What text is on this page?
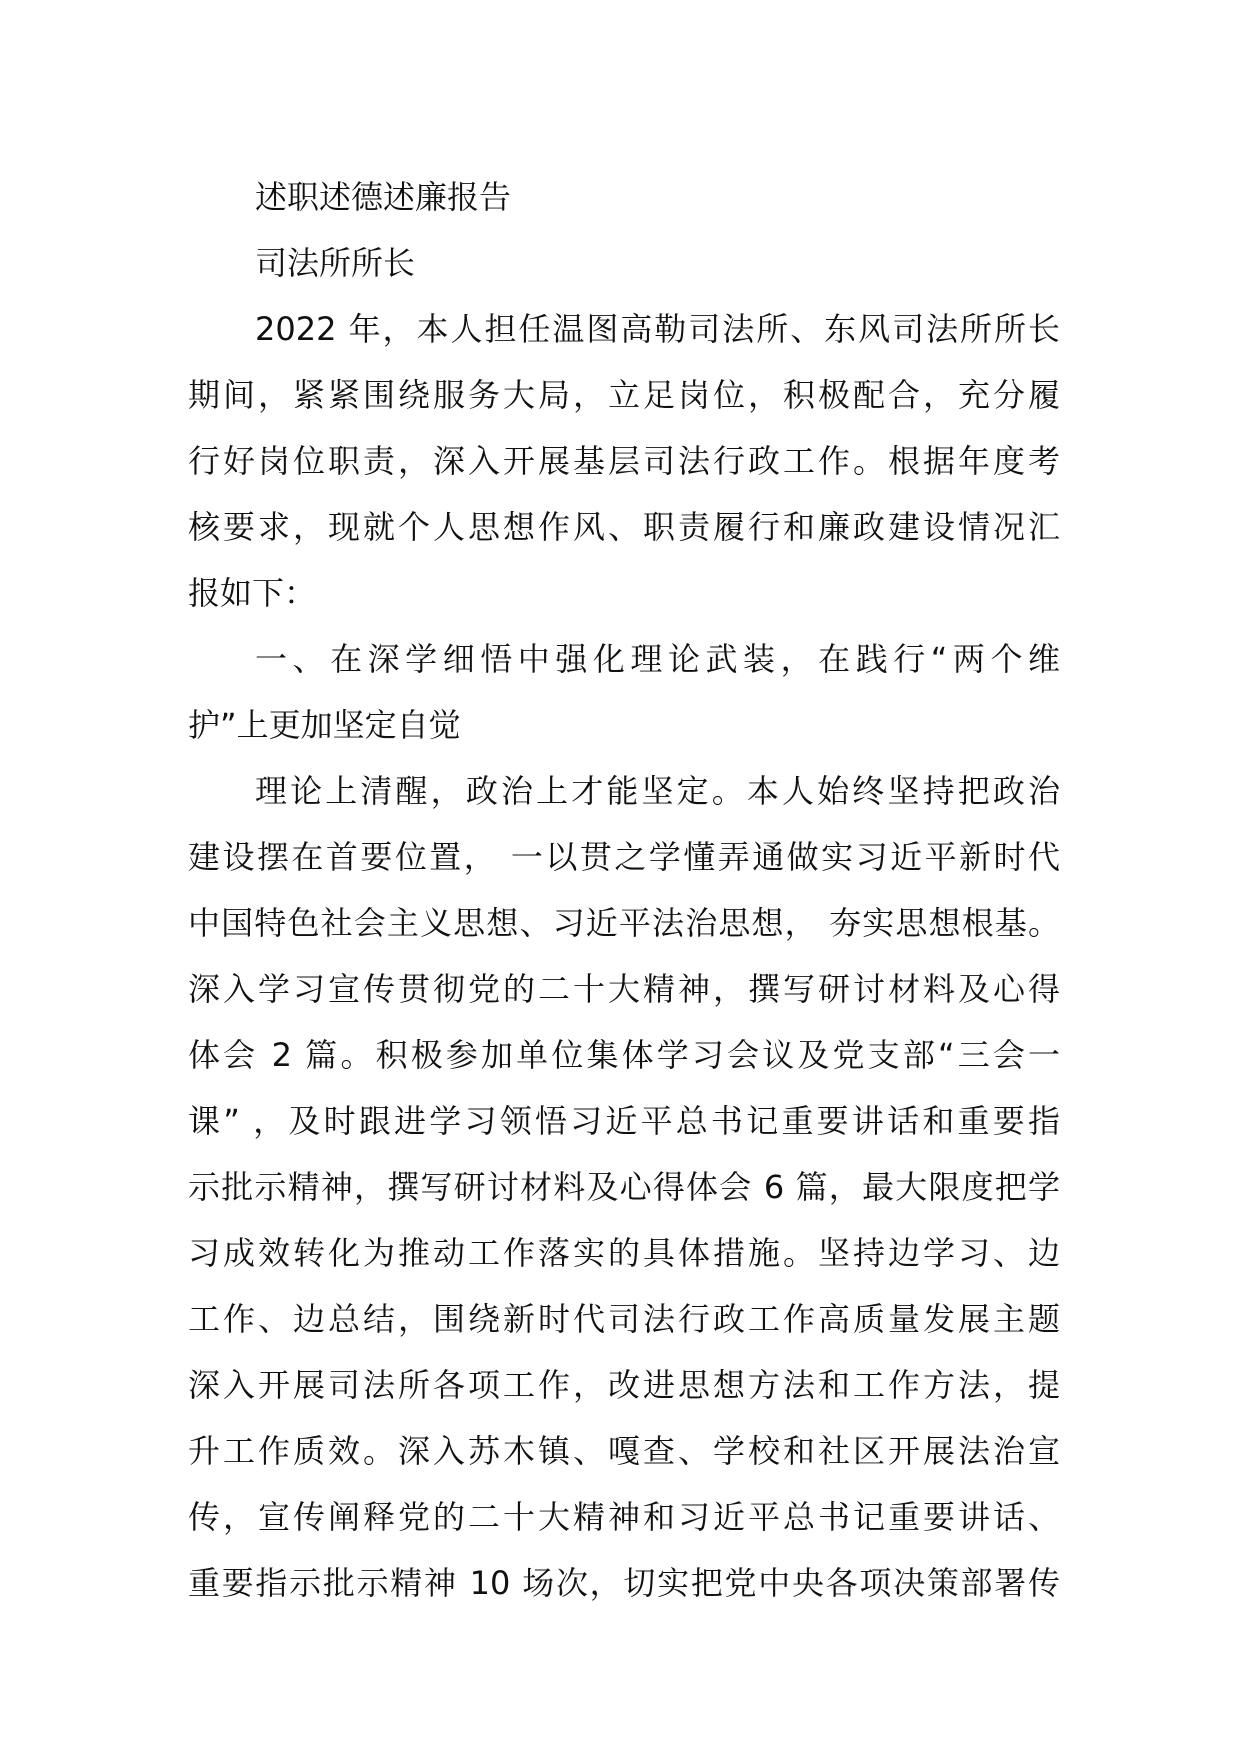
述职述德述廉报告
司法所所长
2022 年，本人担任温图高勒司法所、东风司法所所长
期间，紧紧围绕服务大局，立足岗位，积极配合，充分履
行好岗位职责，深入开展基层司法行政工作。根据年度考
核要求，现就个人思想作风、职责履行和廉政建设情况汇
报如下：
一、在深学细悟中强化理论武装，在践行“两个维
护”上更加坚定自觉
理论上清醒，政治上才能坚定。本人始终坚持把政治
建设摆在首要位置， 一以贯之学懂弄通做实习近平新时代
中国特色社会主义思想、习近平法治思想， 夯实思想根基。
深入学习宣传贯彻党的二十大精神，撰写研讨材料及心得
体会 2 篇。积极参加单位集体学习会议及党支部“三会一
课” ，及时跟进学习领悟习近平总书记重要讲话和重要指
示批示精神，撰写研讨材料及心得体会 6 篇，最大限度把学
习成效转化为推动工作落实的具体措施。坚持边学习、边
工作、边总结，围绕新时代司法行政工作高质量发展主题
深入开展司法所各项工作，改进思想方法和工作方法，提
升工作质效。深入苏木镇、嘎查、学校和社区开展法治宣
传，宣传阐释党的二十大精神和习近平总书记重要讲话、
重要指示批示精神 10 场次，切实把党中央各项决策部署传
